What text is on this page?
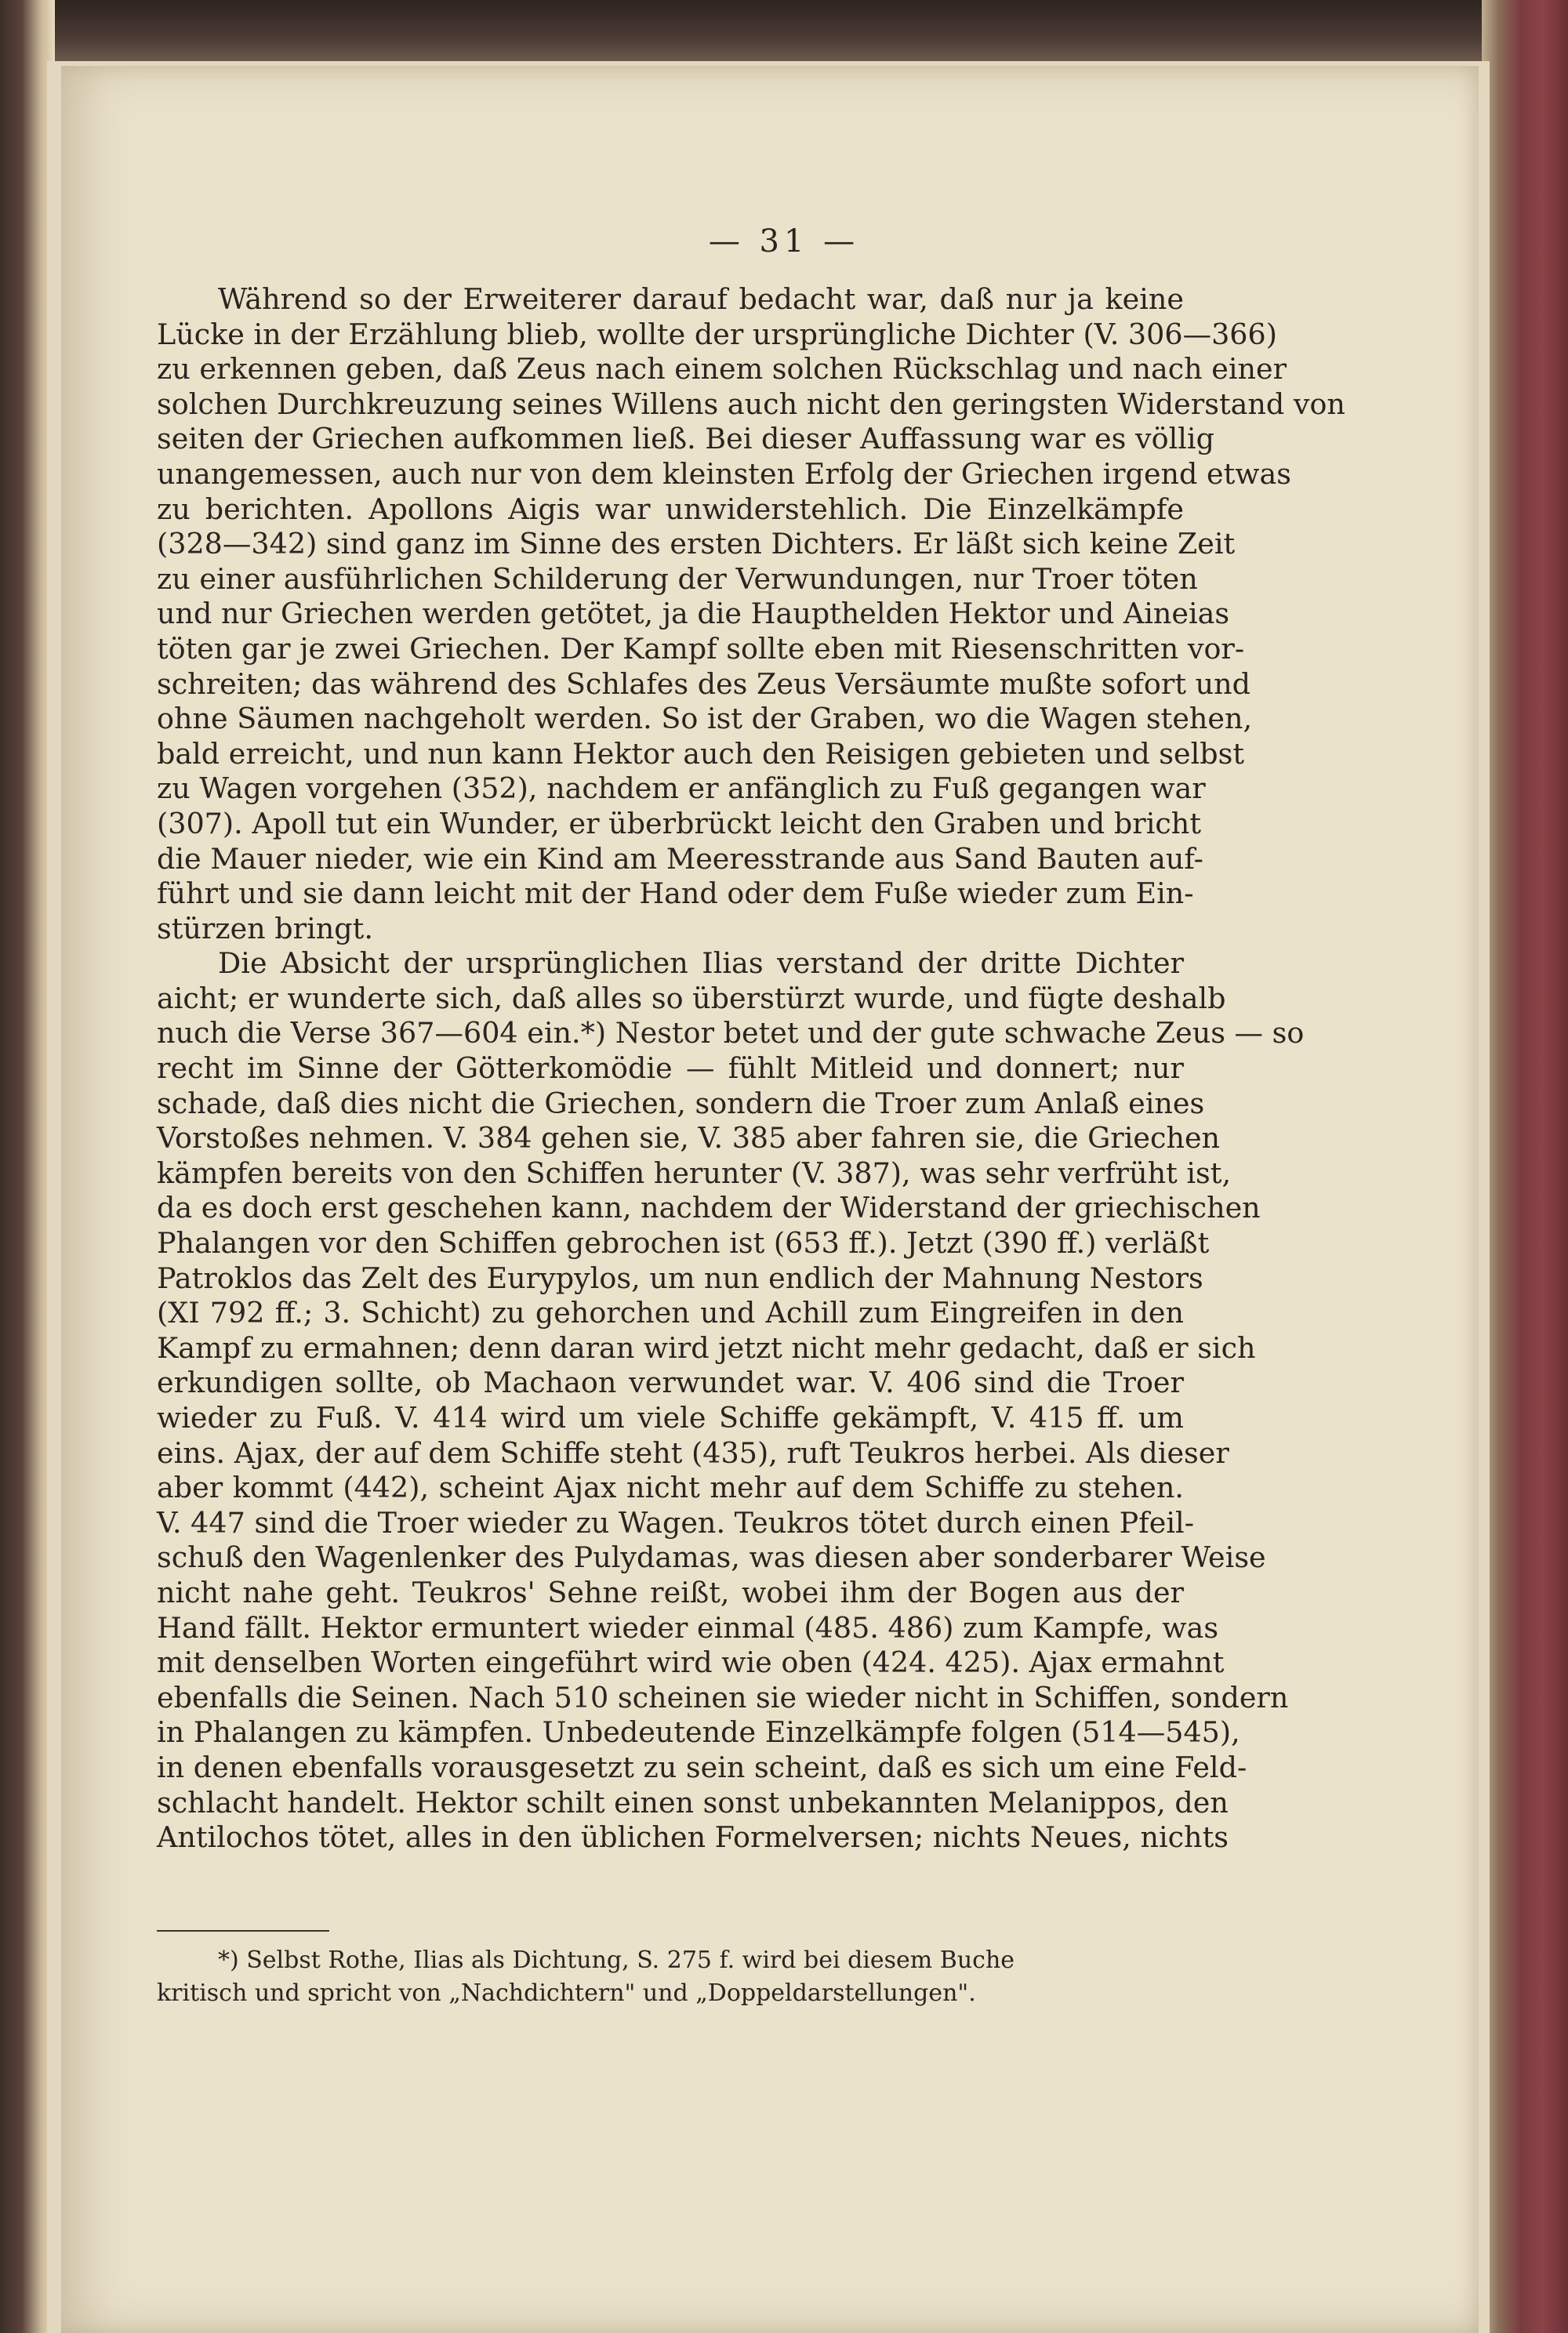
— 31 —
Während so der Erweiterer darauf bedacht war, daß nur ja keine
Lücke in der Erzählung blieb, wollte der ursprüngliche Dichter (V. 306—366)
zu erkennen geben, daß Zeus nach einem solchen Rückschlag und nach einer
solchen Durchkreuzung seines Willens auch nicht den geringsten Widerstand von
seiten der Griechen aufkommen ließ. Bei dieser Auffassung war es völlig
unangemessen, auch nur von dem kleinsten Erfolg der Griechen irgend etwas
zu berichten. Apollons Aigis war unwiderstehlich. Die Einzelkämpfe
(328—342) sind ganz im Sinne des ersten Dichters. Er läßt sich keine Zeit
zu einer ausführlichen Schilderung der Verwundungen, nur Troer töten
und nur Griechen werden getötet, ja die Haupthelden Hektor und Aineias
töten gar je zwei Griechen. Der Kampf sollte eben mit Riesenschritten vor-
schreiten; das während des Schlafes des Zeus Versäumte mußte sofort und
ohne Säumen nachgeholt werden. So ist der Graben, wo die Wagen stehen,
bald erreicht, und nun kann Hektor auch den Reisigen gebieten und selbst
zu Wagen vorgehen (352), nachdem er anfänglich zu Fuß gegangen war
(307). Apoll tut ein Wunder, er überbrückt leicht den Graben und bricht
die Mauer nieder, wie ein Kind am Meeresstrande aus Sand Bauten auf-
führt und sie dann leicht mit der Hand oder dem Fuße wieder zum Ein-
stürzen bringt.
Die Absicht der ursprünglichen Ilias verstand der dritte Dichter
aicht; er wunderte sich, daß alles so überstürzt wurde, und fügte deshalb
nuch die Verse 367—604 ein.*) Nestor betet und der gute schwache Zeus — so
recht im Sinne der Götterkomödie — fühlt Mitleid und donnert; nur
schade, daß dies nicht die Griechen, sondern die Troer zum Anlaß eines
Vorstoßes nehmen. V. 384 gehen sie, V. 385 aber fahren sie, die Griechen
kämpfen bereits von den Schiffen herunter (V. 387), was sehr verfrüht ist,
da es doch erst geschehen kann, nachdem der Widerstand der griechischen
Phalangen vor den Schiffen gebrochen ist (653 ff.). Jetzt (390 ff.) verläßt
Patroklos das Zelt des Eurypylos, um nun endlich der Mahnung Nestors
(XI 792 ff.; 3. Schicht) zu gehorchen und Achill zum Eingreifen in den
Kampf zu ermahnen; denn daran wird jetzt nicht mehr gedacht, daß er sich
erkundigen sollte, ob Machaon verwundet war. V. 406 sind die Troer
wieder zu Fuß. V. 414 wird um viele Schiffe gekämpft, V. 415 ff. um
eins. Ajax, der auf dem Schiffe steht (435), ruft Teukros herbei. Als dieser
aber kommt (442), scheint Ajax nicht mehr auf dem Schiffe zu stehen.
V. 447 sind die Troer wieder zu Wagen. Teukros tötet durch einen Pfeil-
schuß den Wagenlenker des Pulydamas, was diesen aber sonderbarer Weise
nicht nahe geht. Teukros' Sehne reißt, wobei ihm der Bogen aus der
Hand fällt. Hektor ermuntert wieder einmal (485. 486) zum Kampfe, was
mit denselben Worten eingeführt wird wie oben (424. 425). Ajax ermahnt
ebenfalls die Seinen. Nach 510 scheinen sie wieder nicht in Schiffen, sondern
in Phalangen zu kämpfen. Unbedeutende Einzelkämpfe folgen (514—545),
in denen ebenfalls vorausgesetzt zu sein scheint, daß es sich um eine Feld-
schlacht handelt. Hektor schilt einen sonst unbekannten Melanippos, den
Antilochos tötet, alles in den üblichen Formelversen; nichts Neues, nichts
*) Selbst Rothe, Ilias als Dichtung, S. 275 f. wird bei diesem Buche
kritisch und spricht von „Nachdichtern" und „Doppeldarstellungen".
